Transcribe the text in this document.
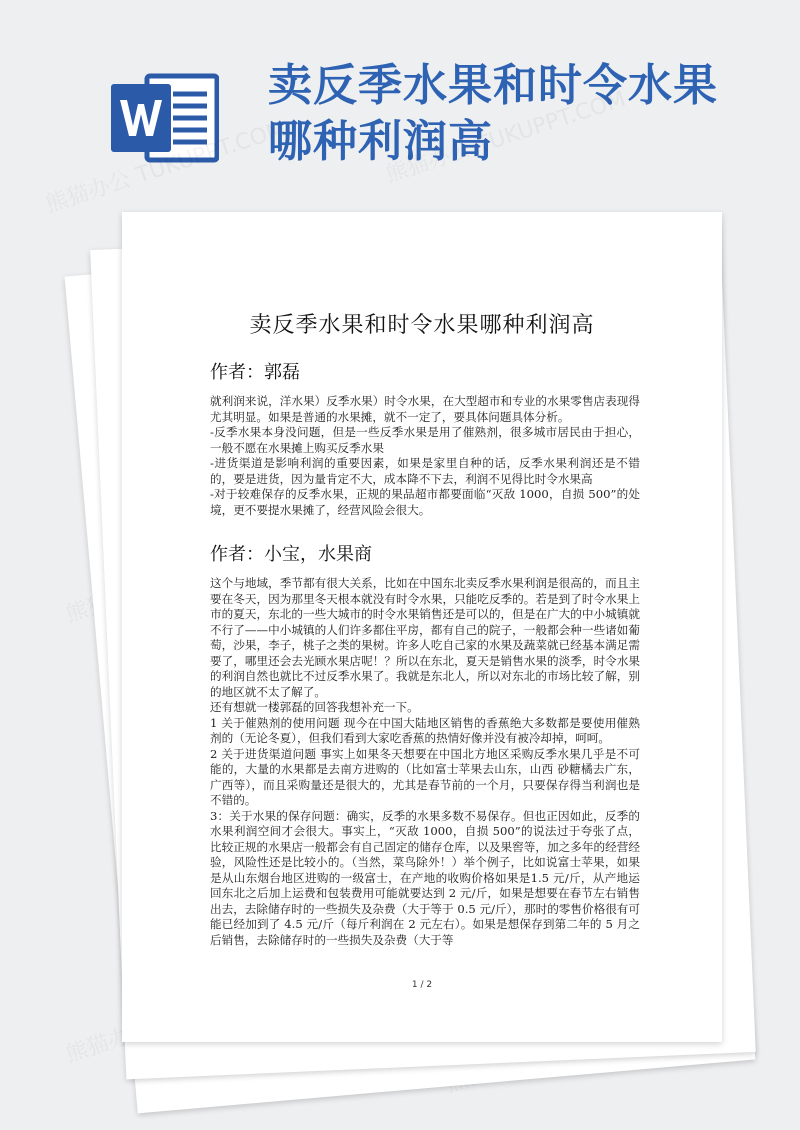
卖反季水果和时令水果
哪种利润高
卖反季水果和时令水果哪种利润高
作者：郭磊
就利润来说，洋水果）反季水果）时令水果，在大型超市和专业的水果零售店表现得尤其明显。如果是普通的水果摊，就不一定了，要具体问题具体分析。
-反季水果本身没问题，但是一些反季水果是用了催熟剂，很多城市居民由于担心，一般不愿在水果摊上购买反季水果
-进货渠道是影响利润的重要因素，如果是家里自种的话，反季水果利润还是不错的，要是进货，因为量肯定不大，成本降不下去，利润不见得比时令水果高
-对于较难保存的反季水果，正规的果品超市都要面临“灭敌 1000，自损 500”的处境，更不要提水果摊了，经营风险会很大。
作者：小宝，水果商
这个与地域，季节都有很大关系，比如在中国东北卖反季水果利润是很高的，而且主要在冬天，因为那里冬天根本就没有时令水果，只能吃反季的。若是到了时令水果上市的夏天，东北的一些大城市的时令水果销售还是可以的，但是在广大的中小城镇就不行了——中小城镇的人们许多都住平房，都有自己的院子，一般都会种一些诸如葡萄，沙果，李子，桃子之类的果树。许多人吃自己家的水果及蔬菜就已经基本满足需要了，哪里还会去光顾水果店呢！？所以在东北，夏天是销售水果的淡季，时令水果的利润自然也就比不过反季水果了。我就是东北人，所以对东北的市场比较了解，别的地区就不太了解了。
还有想就一楼郭磊的回答我想补充一下。
1 关于催熟剂的使用问题 现今在中国大陆地区销售的香蕉绝大多数都是要使用催熟剂的（无论冬夏），但我们看到大家吃香蕉的热情好像并没有被冷却掉，呵呵。
2 关于进货渠道问题 事实上如果冬天想要在中国北方地区采购反季水果几乎是不可能的，大量的水果都是去南方进购的（比如富士苹果去山东，山西 砂糖橘去广东，广西等），而且采购量还是很大的，尤其是春节前的一个月，只要保存得当利润也是不错的。
3：关于水果的保存问题：确实，反季的水果多数不易保存。但也正因如此，反季的水果利润空间才会很大。事实上，“灭敌 1000，自损 500”的说法过于夸张了点，比较正规的水果店一般都会有自己固定的储存仓库，以及果窖等，加之多年的经营经验，风险性还是比较小的。（当然，菜鸟除外！）举个例子，比如说富士苹果，如果是从山东烟台地区进购的一级富士，在产地的收购价格如果是1.5 元/斤，从产地运回东北之后加上运费和包装费用可能就要达到 2 元/斤，如果是想要在春节左右销售出去，去除储存时的一些损失及杂费（大于等于 0.5 元/斤），那时的零售价格很有可能已经加到了 4.5 元/斤（每斤利润在 2 元左右）。如果是想保存到第二年的 5 月之后销售，去除储存时的一些损失及杂费（大于等
1 / 2
